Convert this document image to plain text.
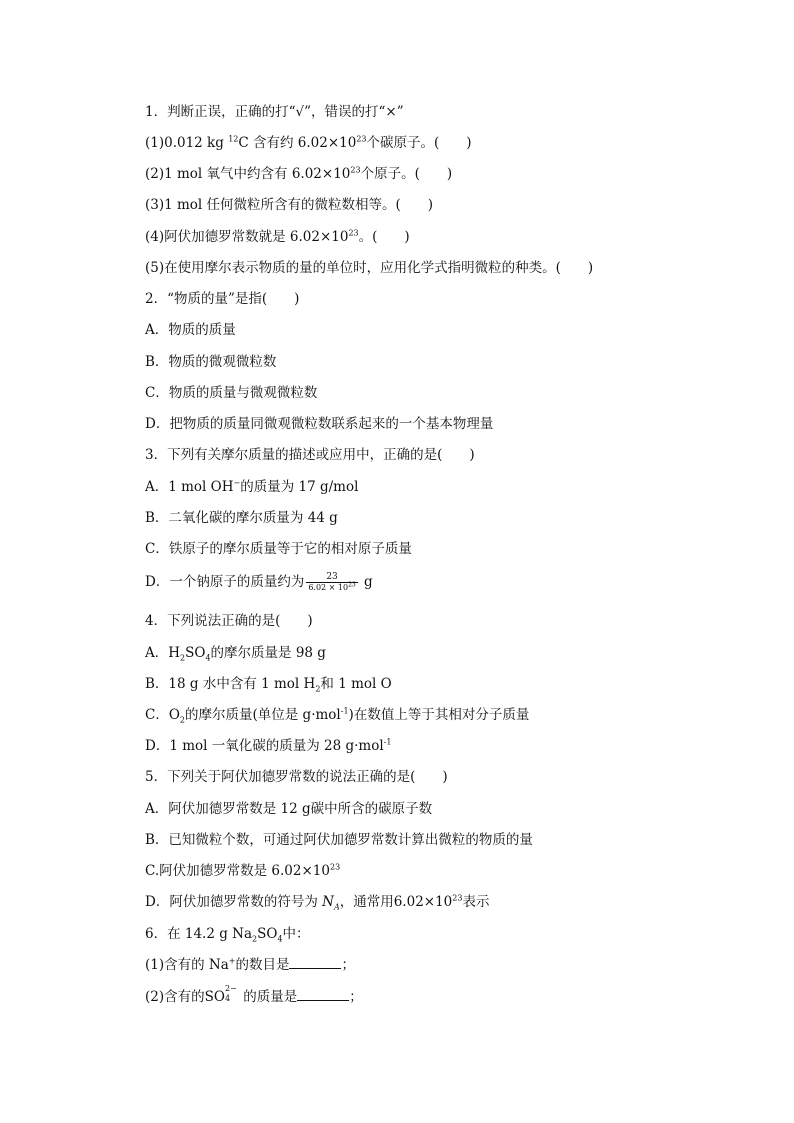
1．判断正误，正确的打“√”，错误的打“×”
(1)0.012 kg $^{12}$C 含有约 $6.02\times 10^{23}$个碳原子。(　　)
(2)1 mol 氧气中约含有 $6.02\times 10^{23}$个原子。(　　)
(3)1 mol 任何微粒所含有的微粒数相等。(　　)
(4)阿伏加德罗常数就是 $6.02\times 10^{23}$。(　　)
(5)在使用摩尔表示物质的量的单位时，应用化学式指明微粒的种类。(　　)
2．“物质的量”是指(　　)
A．物质的质量
B．物质的微观微粒数
C．物质的质量与微观微粒数
D．把物质的质量同微观微粒数联系起来的一个基本物理量
3．下列有关摩尔质量的描述或应用中，正确的是(　　)
A．1 mol OH−的质量为 17 g/mol
B．二氧化碳的摩尔质量为 44 g
C．铁原子的摩尔质量等于它的相对原子质量
D．一个钠原子的质量约为 $\frac{23}{6.02 \times 10^{23}}$ g
4．下列说法正确的是(　　)
A．$H_2SO_4$的摩尔质量是 98 g
B．18 g 水中含有 1 mol $H_2$和 1 mol O
C．$O_2$的摩尔质量(单位是 g·mol$^{-1}$)在数值上等于其相对分子质量
D．1 mol 一氧化碳的质量为 28 g·mol$^{-1}$
5．下列关于阿伏加德罗常数的说法正确的是(　　)
A．阿伏加德罗常数是 12 g碳中所含的碳原子数
B．已知微粒个数，可通过阿伏加德罗常数计算出微粒的物质的量
C.阿伏加德罗常数是 $6.02\times 10^{23}$
D．阿伏加德罗常数的符号为 $N_A$，通常用$6.02\times 10^{23}$表示
6．在 14.2 g $Na_2SO_4$中：
(1)含有的 Na+的数目是	；
(2)含有的SO
2−
4 的质量是	；
